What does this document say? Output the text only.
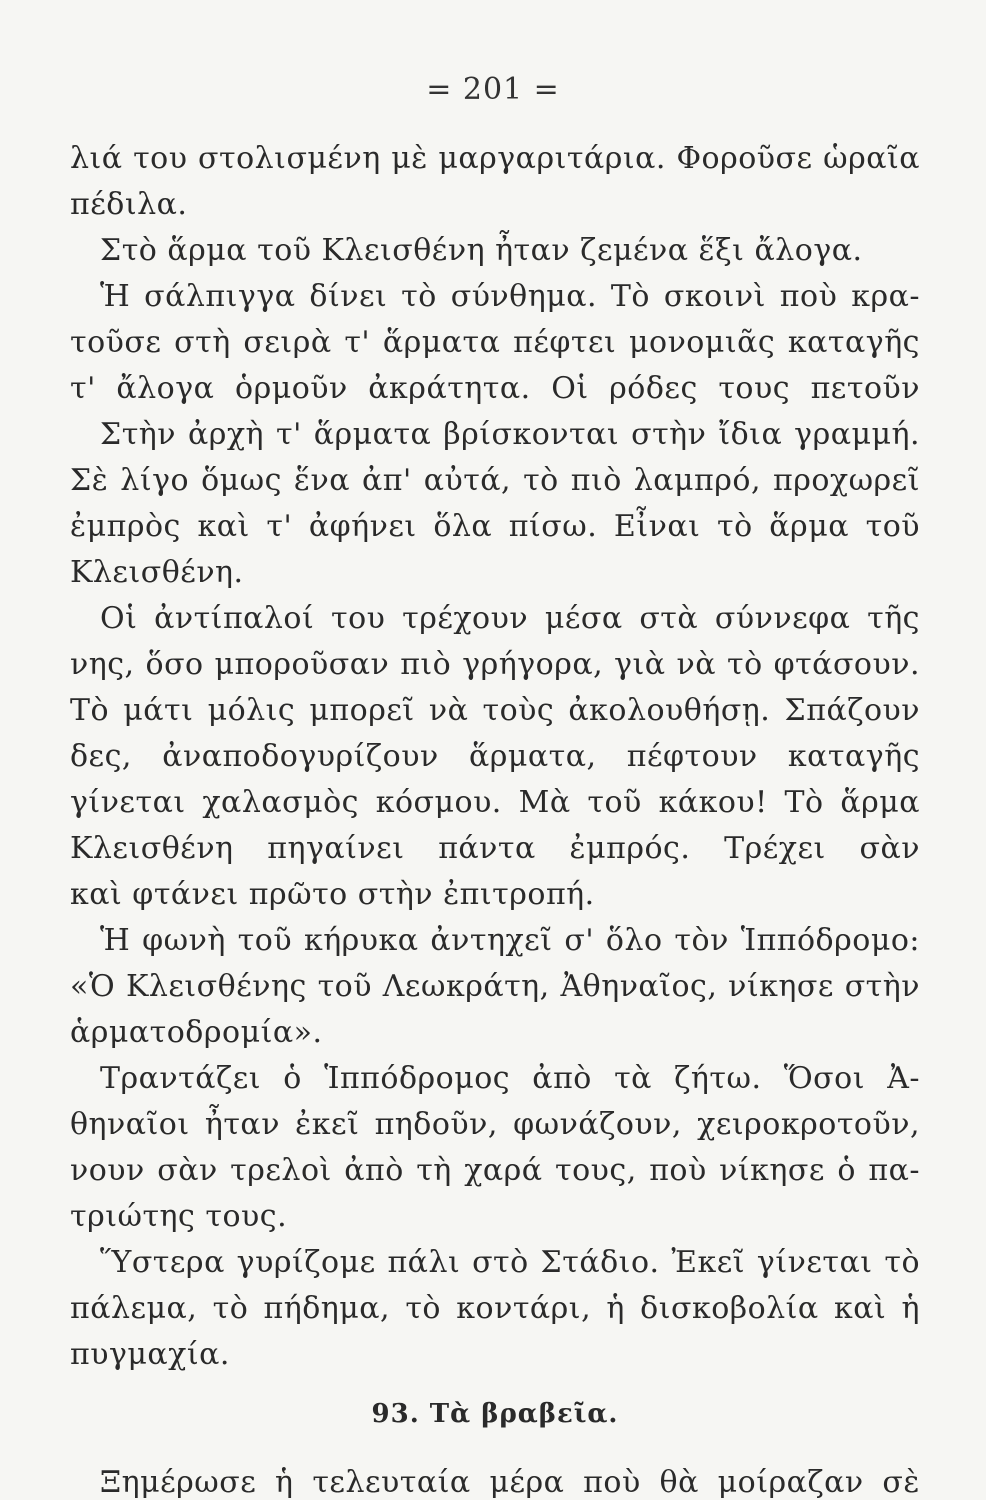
= 201 =
λιά του στολισμένη μὲ μαργαριτάρια. Φοροῦσε ὡραῖα
πέδιλα.
Στὸ ἅρμα τοῦ Κλεισθένη ἦταν ζεμένα ἕξι ἄλογα.
Ἡ σάλπιγγα δίνει τὸ σύνθημα. Τὸ σκοινὶ ποὺ κρα-
τοῦσε στὴ σειρὰ τ' ἅρματα πέφτει μονομιᾶς καταγῆς
τ' ἄλογα ὁρμοῦν ἀκράτητα. Οἱ ρόδες τους πετοῦν
Στὴν ἀρχὴ τ' ἅρματα βρίσκονται στὴν ἴδια γραμμή.
Σὲ λίγο ὅμως ἕνα ἀπ' αὐτά, τὸ πιὸ λαμπρό, προχωρεῖ
ἐμπρὸς καὶ τ' ἀφήνει ὅλα πίσω. Εἶναι τὸ ἅρμα τοῦ
Κλεισθένη.
Οἱ ἀντίπαλοί του τρέχουν μέσα στὰ σύννεφα τῆς
νης, ὅσο μποροῦσαν πιὸ γρήγορα, γιὰ νὰ τὸ φτάσουν.
Τὸ μάτι μόλις μπορεῖ νὰ τοὺς ἀκολουθήσῃ. Σπάζουν
δες, ἀναποδογυρίζουν ἅρματα, πέφτουν καταγῆς
γίνεται χαλασμὸς κόσμου. Μὰ τοῦ κάκου! Τὸ ἅρμα
Κλεισθένη πηγαίνει πάντα ἐμπρός. Τρέχει σὰν
καὶ φτάνει πρῶτο στὴν ἐπιτροπή.
Ἡ φωνὴ τοῦ κήρυκα ἀντηχεῖ σ' ὅλο τὸν Ἱππόδρομο:
«Ὁ Κλεισθένης τοῦ Λεωκράτη, Ἀθηναῖος, νίκησε στὴν
ἁρματοδρομία».
Τραντάζει ὁ Ἱππόδρομος ἀπὸ τὰ ζήτω. Ὅσοι Ἀ-
θηναῖοι ἦταν ἐκεῖ πηδοῦν, φωνάζουν, χειροκροτοῦν,
νουν σὰν τρελοὶ ἀπὸ τὴ χαρά τους, ποὺ νίκησε ὁ πα-
τριώτης τους.
Ὕστερα γυρίζομε πάλι στὸ Στάδιο. Ἐκεῖ γίνεται τὸ
πάλεμα, τὸ πήδημα, τὸ κοντάρι, ἡ δισκοβολία καὶ ἡ
πυγμαχία.
93. Τὰ βραβεῖα.
Ξημέρωσε ἡ τελευταία μέρα ποὺ θὰ μοίραζαν σὲ
